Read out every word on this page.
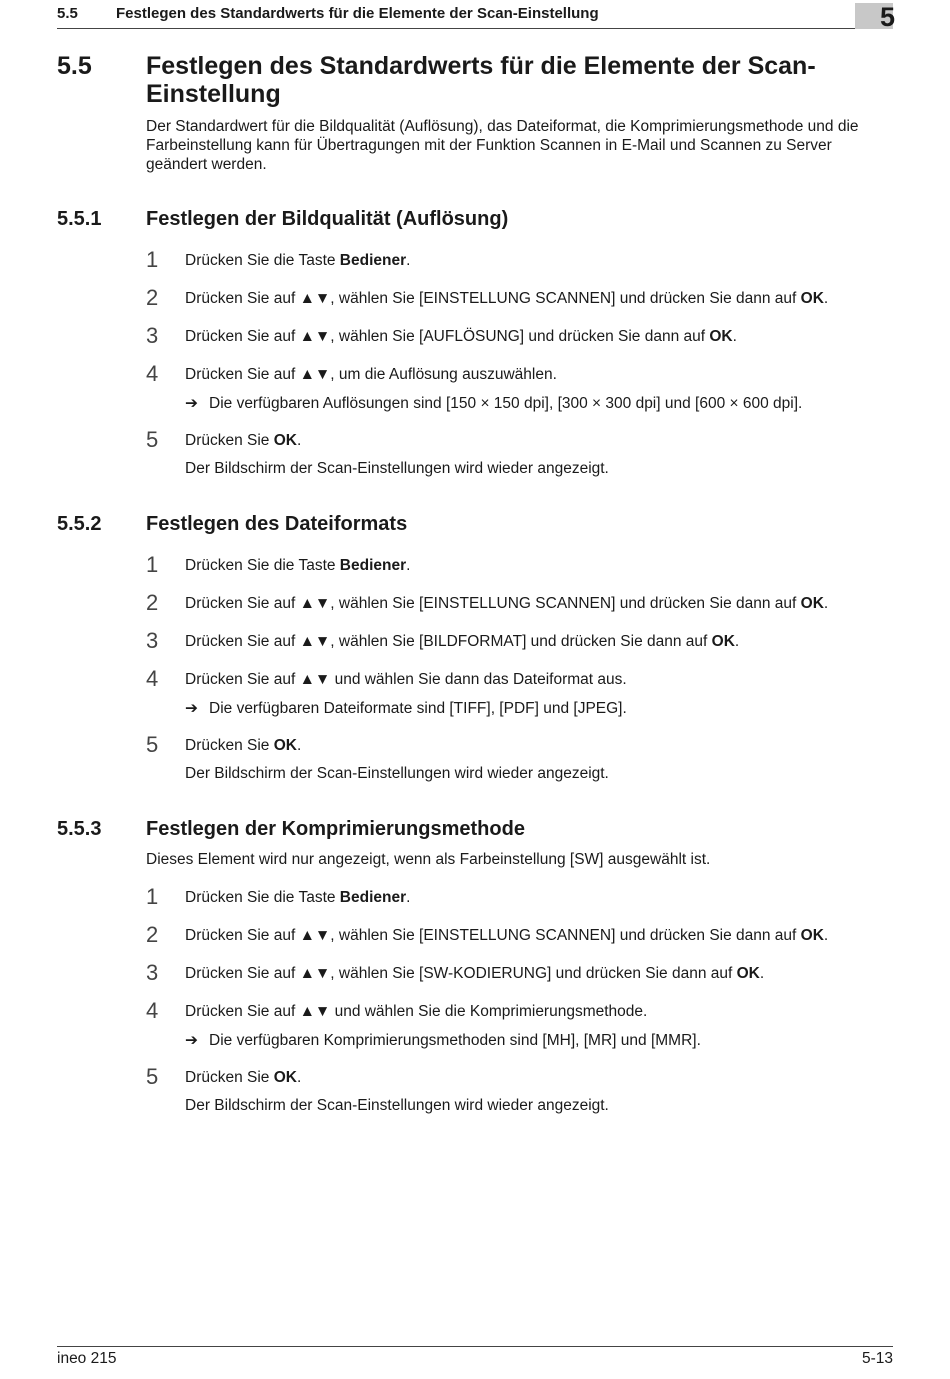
5.5	Festlegen des Standardwerts für die Elemente der Scan-Einstellung	5
5.5 Festlegen des Standardwerts für die Elemente der Scan-Einstellung
Der Standardwert für die Bildqualität (Auflösung), das Dateiformat, die Komprimierungsmethode und die Farbeinstellung kann für Übertragungen mit der Funktion Scannen in E-Mail und Scannen zu Server geändert werden.
5.5.1 Festlegen der Bildqualität (Auflösung)
1 Drücken Sie die Taste Bediener.
2 Drücken Sie auf ▲▼, wählen Sie [EINSTELLUNG SCANNEN] und drücken Sie dann auf OK.
3 Drücken Sie auf ▲▼, wählen Sie [AUFLÖSUNG] und drücken Sie dann auf OK.
4 Drücken Sie auf ▲▼, um die Auflösung auszuwählen.
➔ Die verfügbaren Auflösungen sind [150 × 150 dpi], [300 × 300 dpi] und [600 × 600 dpi].
5 Drücken Sie OK.
Der Bildschirm der Scan-Einstellungen wird wieder angezeigt.
5.5.2 Festlegen des Dateiformats
1 Drücken Sie die Taste Bediener.
2 Drücken Sie auf ▲▼, wählen Sie [EINSTELLUNG SCANNEN] und drücken Sie dann auf OK.
3 Drücken Sie auf ▲▼, wählen Sie [BILDFORMAT] und drücken Sie dann auf OK.
4 Drücken Sie auf ▲▼ und wählen Sie dann das Dateiformat aus.
➔ Die verfügbaren Dateiformate sind [TIFF], [PDF] und [JPEG].
5 Drücken Sie OK.
Der Bildschirm der Scan-Einstellungen wird wieder angezeigt.
5.5.3 Festlegen der Komprimierungsmethode
Dieses Element wird nur angezeigt, wenn als Farbeinstellung [SW] ausgewählt ist.
1 Drücken Sie die Taste Bediener.
2 Drücken Sie auf ▲▼, wählen Sie [EINSTELLUNG SCANNEN] und drücken Sie dann auf OK.
3 Drücken Sie auf ▲▼, wählen Sie [SW-KODIERUNG] und drücken Sie dann auf OK.
4 Drücken Sie auf ▲▼ und wählen Sie die Komprimierungsmethode.
➔ Die verfügbaren Komprimierungsmethoden sind [MH], [MR] und [MMR].
5 Drücken Sie OK.
Der Bildschirm der Scan-Einstellungen wird wieder angezeigt.
ineo 215	5-13
